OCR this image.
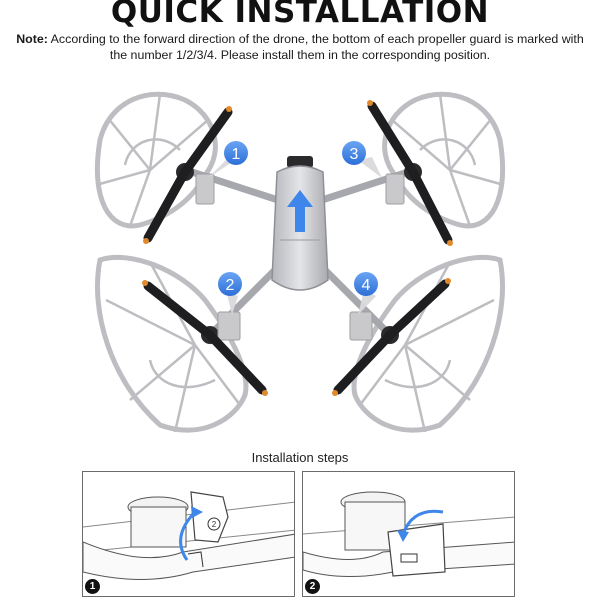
QUICK INSTALLATION
Note: According to the forward direction of the drone, the bottom of each propeller guard is marked with the number 1/2/3/4. Please install them in the corresponding position.
1	3
2	4
Installation steps
2
1	2
